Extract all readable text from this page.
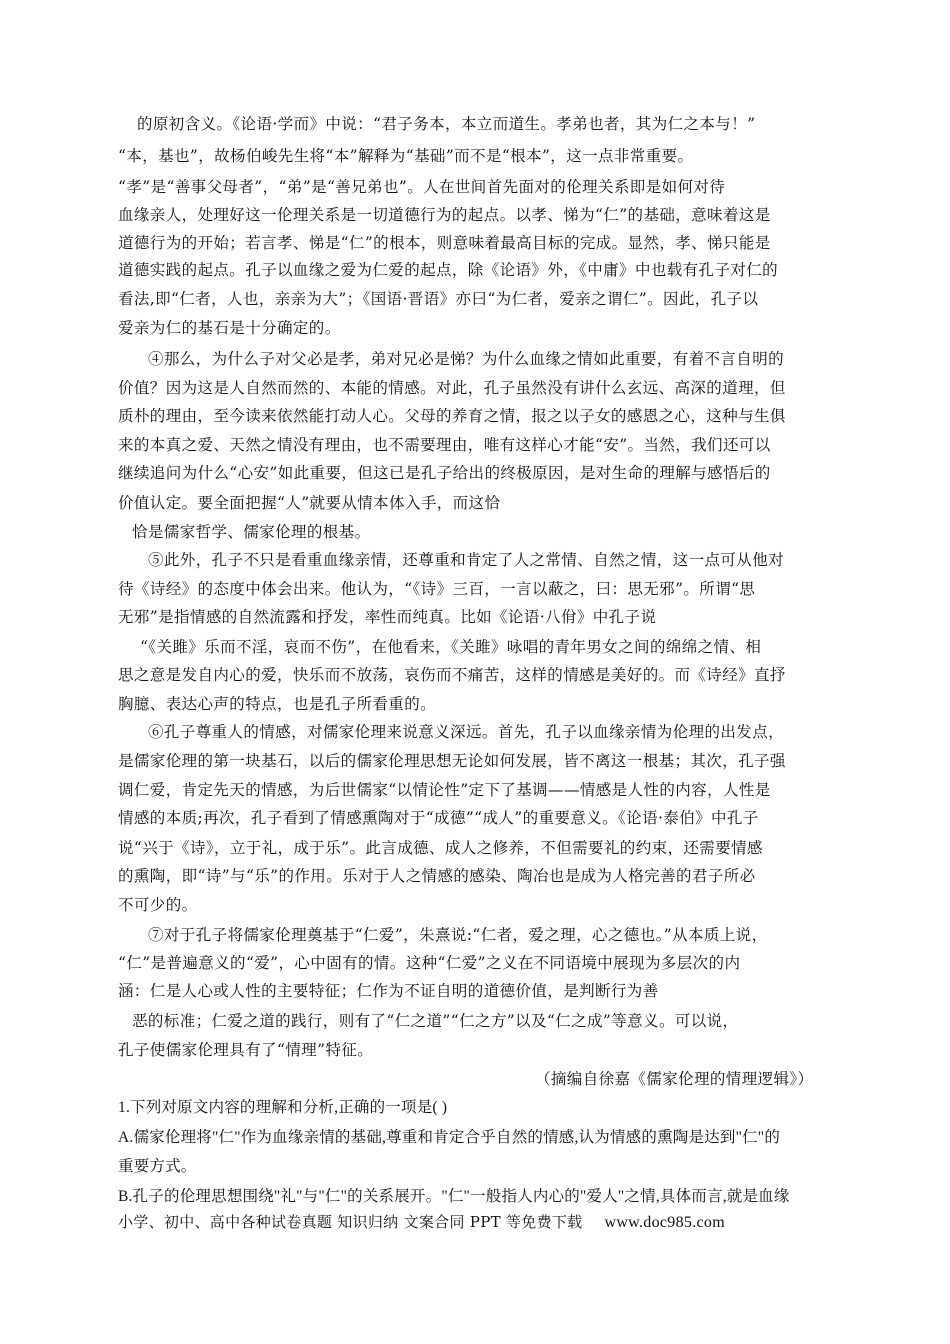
的原初含义。《论语·学而》中说：“君子务本，本立而道生。孝弟也者，其为仁之本与！”
“本，基也”，故杨伯峻先生将“本”解释为“基础”而不是“根本”，这一点非常重要。
“孝”是“善事父母者”，“弟”是“善兄弟也”。人在世间首先面对的伦理关系即是如何对待
血缘亲人，处理好这一伦理关系是一切道德行为的起点。以孝、悌为“仁”的基础，意味着这是
道德行为的开始；若言孝、悌是“仁”的根本，则意味着最高目标的完成。显然，孝、悌只能是
道德实践的起点。孔子以血缘之爱为仁爱的起点，除《论语》外，《中庸》中也载有孔子对仁的
看法,即“仁者，人也，亲亲为大”；《国语·晋语》亦曰“为仁者，爱亲之谓仁”。因此，孔子以
爱亲为仁的基石是十分确定的。
④那么，为什么子对父必是孝，弟对兄必是悌？为什么血缘之情如此重要，有着不言自明的
价值？因为这是人自然而然的、本能的情感。对此，孔子虽然没有讲什么玄远、高深的道理，但
质朴的理由，至今读来依然能打动人心。父母的养育之情，报之以子女的感恩之心，这种与生俱
来的本真之爱、天然之情没有理由，也不需要理由，唯有这样心才能“安”。当然，我们还可以
继续追问为什么“心安”如此重要，但这已是孔子给出的终极原因，是对生命的理解与感悟后的
价值认定。要全面把握“人”就要从情本体入手，而这恰
恰是儒家哲学、儒家伦理的根基。
⑤此外，孔子不只是看重血缘亲情，还尊重和肯定了人之常情、自然之情，这一点可从他对
待《诗经》的态度中体会出来。他认为，“《诗》三百，一言以蔽之，曰：思无邪”。所谓“思
无邪”是指情感的自然流露和抒发，率性而纯真。比如《论语·八佾》中孔子说
“《关雎》乐而不淫，哀而不伤”，在他看来，《关雎》咏唱的青年男女之间的绵绵之情、相
思之意是发自内心的爱，快乐而不放荡，哀伤而不痛苦，这样的情感是美好的。而《诗经》直抒
胸臆、表达心声的特点，也是孔子所看重的。
⑥孔子尊重人的情感，对儒家伦理来说意义深远。首先，孔子以血缘亲情为伦理的出发点，
是儒家伦理的第一块基石，以后的儒家伦理思想无论如何发展，皆不离这一根基；其次，孔子强
调仁爱，肯定先天的情感，为后世儒家“以情论性”定下了基调——情感是人性的内容，人性是
情感的本质;再次，孔子看到了情感熏陶对于“成德”“成人”的重要意义。《论语·泰伯》中孔子
说“兴于《诗》，立于礼，成于乐”。此言成德、成人之修养，不但需要礼的约束，还需要情感
的熏陶，即“诗”与“乐”的作用。乐对于人之情感的感染、陶冶也是成为人格完善的君子所必
不可少的。
⑦对于孔子将儒家伦理奠基于“仁爱”，朱熹说:“仁者，爱之理，心之德也。”从本质上说，
“仁”是普遍意义的“爱”，心中固有的情。这种“仁爱”之义在不同语境中展现为多层次的内
涵：仁是人心或人性的主要特征；仁作为不证自明的道德价值，是判断行为善
恶的标准；仁爱之道的践行，则有了“仁之道”“仁之方”以及“仁之成”等意义。可以说，
孔子使儒家伦理具有了“情理”特征。
（摘编自徐嘉《儒家伦理的情理逻辑》）
1.下列对原文内容的理解和分析,正确的一项是( )
A.儒家伦理将"仁"作为血缘亲情的基础,尊重和肯定合乎自然的情感,认为情感的熏陶是达到"仁"的
重要方式。
B.孔子的伦理思想围绕"礼"与"仁"的关系展开。"仁"一般指人内心的"爱人"之情,具体而言,就是血缘
小学、初中、高中各种试卷真题 知识归纳 文案合同 PPT 等免费下载 www.doc985.com
